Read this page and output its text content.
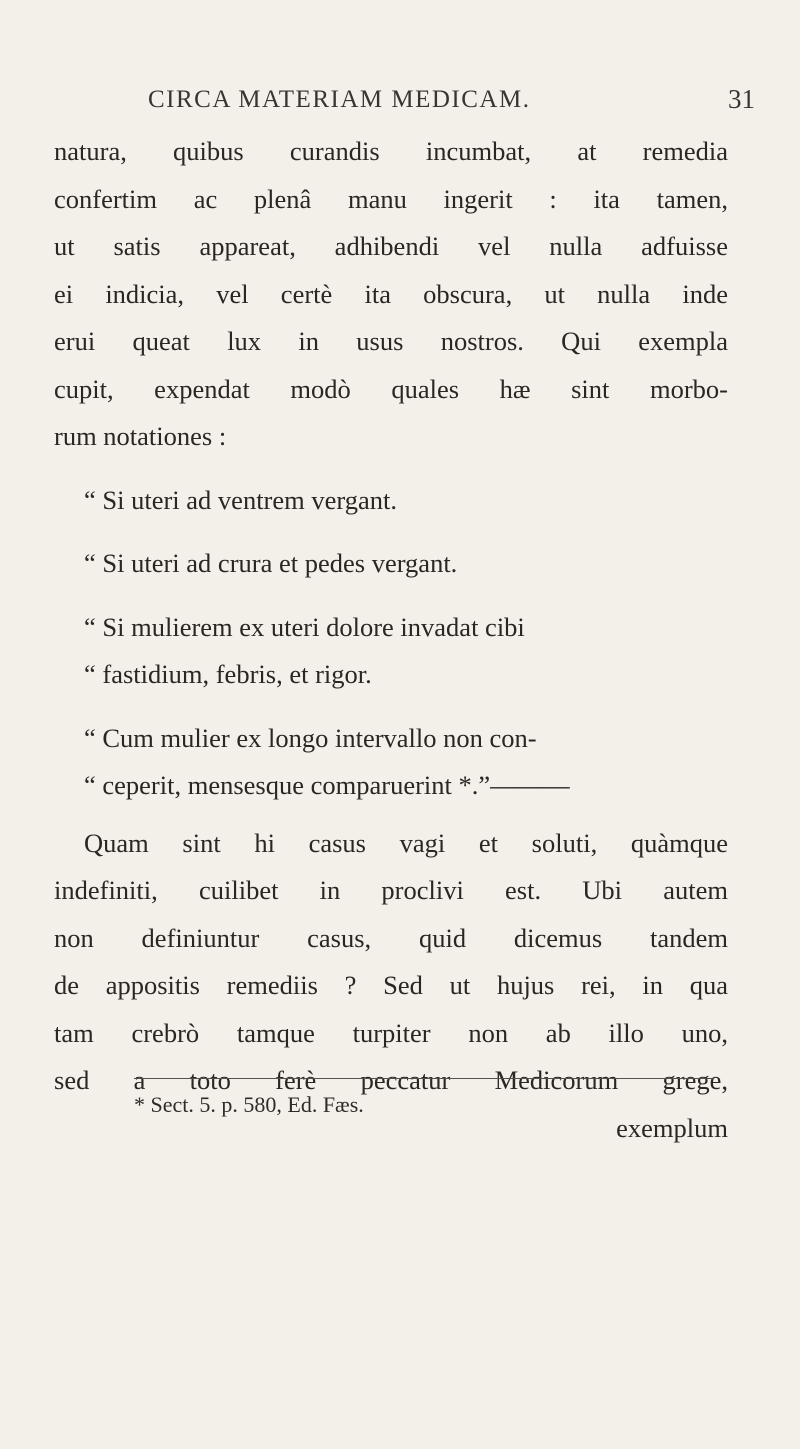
CIRCA MATERIAM MEDICAM.	31
natura, quibus curandis incumbat, at remedia
confertim ac plenâ manu ingerit : ita tamen,
ut satis appareat, adhibendi vel nulla adfuisse
ei indicia, vel certè ita obscura, ut nulla inde
erui queat lux in usus nostros. Qui exempla
cupit, expendat modò quales hæ sint morbo-
rum notationes :
“ Si uteri ad ventrem vergant.
“ Si uteri ad crura et pedes vergant.
“ Si mulierem ex uteri dolore invadat cibi
“ fastidium, febris, et rigor.
“ Cum mulier ex longo intervallo non con-
“ ceperit, mensesque comparuerint *.”———
Quam sint hi casus vagi et soluti, quàmque
indefiniti, cuilibet in proclivi est. Ubi autem
non definiuntur casus, quid dicemus tandem
de appositis remediis ? Sed ut hujus rei, in qua
tam crebrò tamque turpiter non ab illo uno,
sed a toto ferè peccatur Medicorum grege,
exemplum
* Sect. 5. p. 580, Ed. Fæs.
